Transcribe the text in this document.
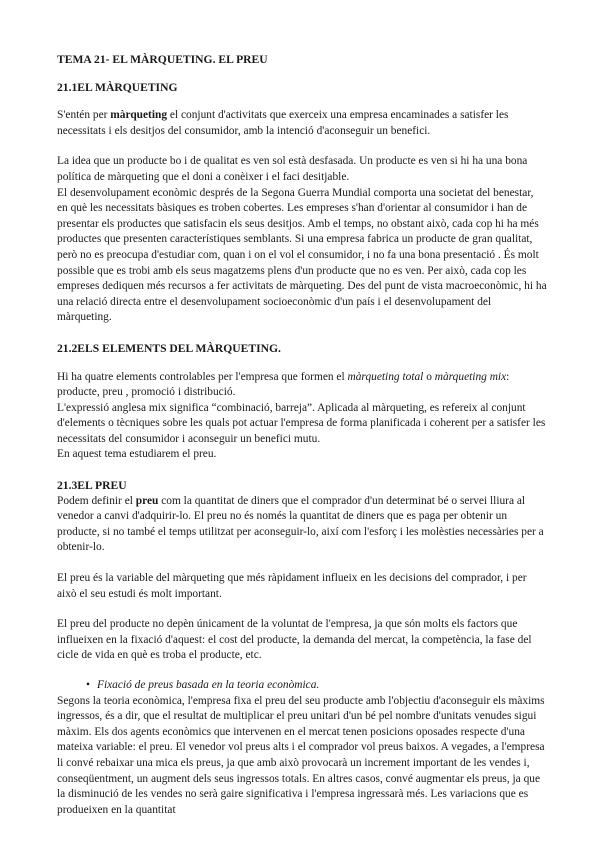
TEMA 21- EL MÀRQUETING. EL PREU
21.1EL MÀRQUETING

S'entén per màrqueting el conjunt d'activitats que exerceix una empresa encaminades a satisfer les necessitats i els desitjos del consumidor, amb la intenció d'aconseguir un benefici.

La idea que un producte bo i de qualitat es ven sol està desfasada. Un producte es ven si hi ha una bona política de màrqueting que el doni a conèixer i el faci desitjable.

El desenvolupament econòmic després de la Segona Guerra Mundial comporta una societat del benestar, en què les necessitats bàsiques es troben cobertes. Les empreses s'han d'orientar al consumidor i han de presentar els productes que satisfacin els seus desitjos. Amb el temps, no obstant això, cada cop hi ha més productes que presenten característiques semblants. Si una empresa fabrica un producte de gran qualitat, però no es preocupa d'estudiar com, quan i on el vol el consumidor, i no fa una bona presentació . És molt possible que es trobi amb els seus magatzems plens d'un producte que no es ven. Per això, cada cop les empreses dediquen més recursos a fer activitats de màrqueting. Des del punt de vista macroeconòmic, hi ha una relació directa entre el desenvolupament socioeconòmic d'un país i el desenvolupament del màrqueting.

21.2ELS ELEMENTS DEL MÀRQUETING.

Hi ha quatre elements controlables per l'empresa que formen el màrqueting total o màrqueting mix: producte, preu , promoció i distribució.

L'expressió anglesa mix significa “combinació, barreja”. Aplicada al màrqueting, es refereix al conjunt d'elements o tècniques sobre les quals pot actuar l'empresa de forma planificada i coherent per a satisfer les necessitats del consumidor i aconseguir un benefici mutu.

En aquest tema estudiarem el preu.

21.3EL PREU

Podem definir el preu com la quantitat de diners que el comprador d'un determinat bé o servei lliura al venedor a canvi d'adquirir-lo. El preu no és només la quantitat de diners que es paga per obtenir un producte, si no també el temps utilitzat per aconseguir-lo, així com l'esforç i les molèsties necessàries per a obtenir-lo.

El preu és la variable del màrqueting que més ràpidament influeix en les decisions del comprador, i per això el seu estudi és molt important.

El preu del producte no depèn únicament de la voluntat de l'empresa, ja que són molts els factors que influeixen en la fixació d'aquest: el cost del producte, la demanda del mercat, la competència, la fase del cicle de vida en què es troba el producte, etc.

• Fixació de preus basada en la teoria econòmica.

Segons la teoria econòmica, l'empresa fixa el preu del seu producte amb l'objectiu d'aconseguir els màxims ingressos, és a dir, que el resultat de multiplicar el preu unitari d'un bé pel nombre d'unitats venudes sigui màxim. Els dos agents econòmics que intervenen en el mercat tenen posicions oposades respecte d'una mateixa variable: el preu. El venedor vol preus alts i el comprador vol preus baixos. A vegades, a l'empresa li convé rebaixar una mica els preus, ja que amb això provocarà un increment important de les vendes i, conseqüentment, un augment dels seus ingressos totals. En altres casos, convé augmentar els preus, ja que la disminució de les vendes no serà gaire significativa i l'empresa ingressarà més. Les variacions que es produeixen en la quantitat
